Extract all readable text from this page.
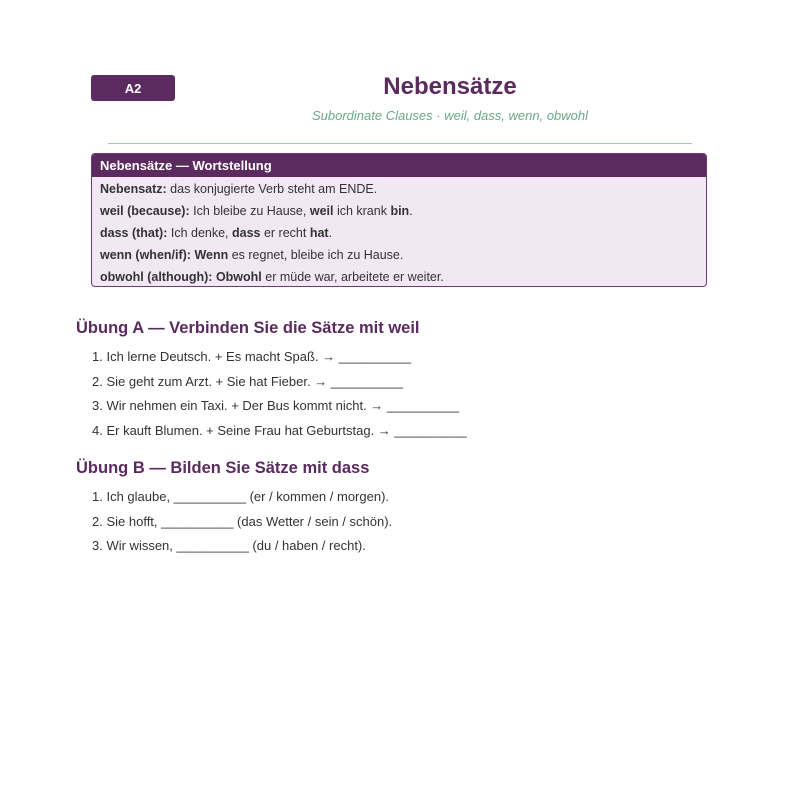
A2	Nebensätze

Subordinate Clauses · weil, dass, wenn, obwohl

Nebensätze — Wortstellung
Nebensatz: das konjugierte Verb steht am ENDE.
weil (because): Ich bleibe zu Hause, weil ich krank bin.
dass (that): Ich denke, dass er recht hat.
wenn (when/if): Wenn es regnet, bleibe ich zu Hause.
obwohl (although): Obwohl er müde war, arbeitete er weiter.
Übung A — Verbinden Sie die Sätze mit weil
1. Ich lerne Deutsch. + Es macht Spaß. → __________
2. Sie geht zum Arzt. + Sie hat Fieber. → __________
3. Wir nehmen ein Taxi. + Der Bus kommt nicht. → __________
4. Er kauft Blumen. + Seine Frau hat Geburtstag. → __________
Übung B — Bilden Sie Sätze mit dass
1. Ich glaube, __________ (er / kommen / morgen).
2. Sie hofft, __________ (das Wetter / sein / schön).
3. Wir wissen, __________ (du / haben / recht).
